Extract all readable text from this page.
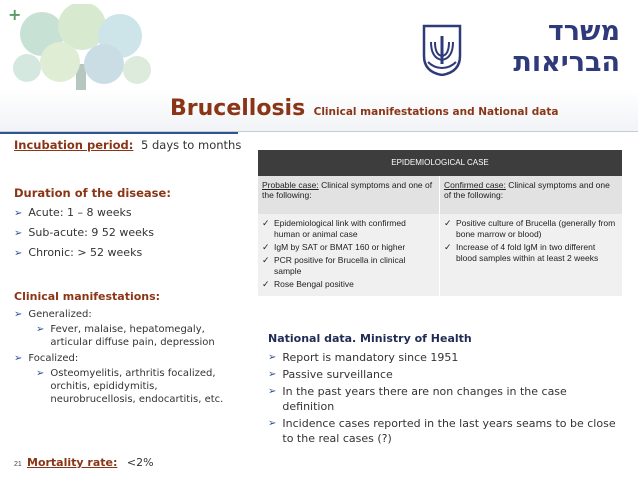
+
משרד הבריאות
Brucellosis Clinical manifestations and National data
Incubation period: 5 days to months
Duration of the disease:
➢ Acute: 1 – 8 weeks
➢ Sub-acute: 9 52 weeks
➢ Chronic: > 52 weeks
Clinical manifestations:
➢ Generalized:
➢ Fever, malaise, hepatomegaly, articular diffuse pain, depression
➢ Focalized:
➢ Osteomyelitis, arthritis focalized, orchitis, epididymitis, neurobrucellosis, endocartitis, etc.
21 Mortality rate: <2%
EPIDEMIOLOGICAL CASE
Probable case: Clinical symptoms and one of the following:
Confirmed case: Clinical symptoms and one of the following:
✓ Epidemiological link with confirmed human or animal case
✓ IgM by SAT or BMAT 160 or higher
✓ PCR positive for Brucella in clinical sample
✓ Rose Bengal positive
✓ Positive culture of Brucella (generally from bone marrow or blood)
✓ Increase of 4 fold IgM in two different blood samples within at least 2 weeks
National data. Ministry of Health
➢ Report is mandatory since 1951
➢ Passive surveillance
➢ In the past years there are non changes in the case definition
➢ Incidence cases reported in the last years seams to be close to the real cases (?)
